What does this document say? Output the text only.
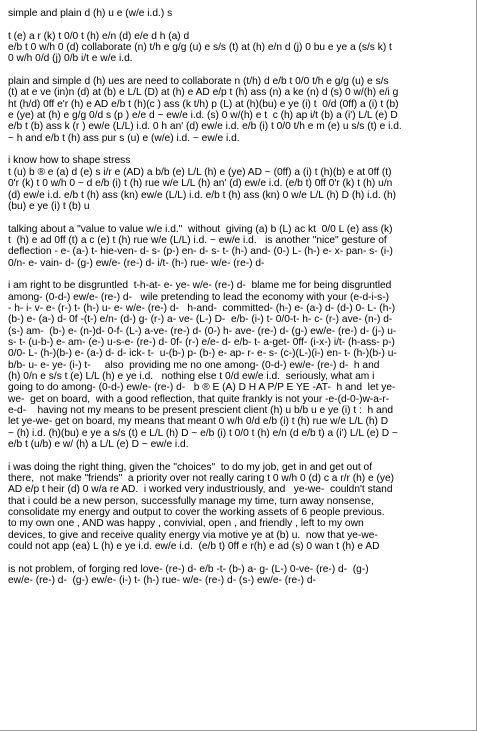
simple and plain d (h) u e (w/e i.d.) s

t (e) a r (k) t 0/0 t (h) e/n (d) e/e d h (a) d
e/b t 0 w/h 0 (d) collaborate (n) t/h e g/g (u) e s/s (t) at (h) e/n d (j) 0 bu e ye a (s/s k) t
0 w/h 0/d (j) 0/b i/t e w/e i.d.

plain and simple d (h) ues are need to collaborate n (t/h) d e/b t 0/0 t/h e g/g (u) e s/s
(t) at e ve (in)n (d) at (b) e L/L (D) at (h) e AD e/p t (h) ass (n) a ke (n) d (s) 0 w/(h) e/i g
ht (h/d) 0ff e'r (h) e AD e/b t (h)(c ) ass (k t/h) p (L) at (h)(bu) e ye (i) t  0/d (0ff) a (i) t (b)
e (ye) at (h) e g/g 0/d s (p ) e/e d ~ ew/e i.d. (s) 0 w/(h) e t  c (h) ap i/t (b) a (i') L/L (e) D
e/b t (b) ass k (r ) ew/e (L/L) i.d. 0 h an' (d) ew/e i.d. e/b (i) t 0/0 t/h e m (e) u s/s (t) e i.d.
~ h and e/b t (h) ass pur s (u) e (w/e) i.d. ~ ew/e i.d.

i know how to shape stress
t (u) b ® e (a) d (e) s i/r e (AD) a b/b (e) L/L (h) e (ye) AD ~ (0ff) a (i) t (h)(b) e at 0ff (t)
0'r (k) t 0 w/h 0 ~ d e/b (i) t (h) rue w/e L/L (h) an' (d) ew/e i.d. (e/b t) 0ff 0'r (k) t (h) u/n
(d) ew/e i.d. e/b t (h) ass (kn) ew/e (L/L) i.d. e/b t (h) ass (kn) 0 w/e L/L (h) D (h) i.d. (h)
(bu) e ye (i) t (b) u

talking about a "value to value w/e i.d."  without  giving (a) b (L) ac kt  0/0 L (e) ass (k)
t  (h) e ad 0ff (t) a c (e) t (h) rue w/e (L/L) i.d. ~ ew/e i.d.   is another "nice" gesture of
deflection - e- (a-) t- hie-ven- d- s- (p-) en- d- s- t- (h-) and- (0-) L- (h-) e- x- pan- s- (i-)
0/n- e- vain- d- (g-) ew/e- (re-) d- i/t- (h-) rue- w/e- (re-) d-

i am right to be disgruntled  t-h-at- e- ye- w/e- (re-) d-  blame me for being disgruntled
among- (0-d-) ew/e- (re-) d-   wile pretending to lead the economy with your (e-d-i-s-)
- h- i- v- e- (r-) t- (h-) u- e- w/e- (re-) d-   h-and-  committed- (h-) e- (a-) d- (d-) 0- L- (h-)
(b-) e- (a-) d- 0f -(t-) e/n- (d-) g- (r-) a- ve- (L-) D-  e/b- (i-) t- 0/0-t- h- c- (r-) ave- (n-) d-
(s-) am-  (b-) e- (n-)d- 0-f- (L-) a-ve- (re-) d- (0-) h- ave- (re-) d- (g-) ew/e- (re-) d- (j-) u-
s- t- (u-b-) e- am- (e-) u-s-e- (re-) d- 0f- (r-) e/e- d- e/b- t- a-get- 0ff- (i-x-) i/t- (h-ass- p-)
0/0- L- (h-)(b-) e- (a-) d- d- ick- t-  u-(b-) p- (b-) e- ap- r- e- s- (c-)(L-)(i-) en- t- (h-)(b-) u-
b/b- u- e- ye- (i-) t-     also  providing me no one among- (0-d-) ew/e- (re-) d-  h and
(h) 0/n e s/s t (e) L/L (h) e ye i.d.   nothing else t 0/d ew/e i.d.  seriously, what am i
going to do among- (0-d-) ew/e- (re-) d-   b ® E (A) D H A P/P E YE -AT-  h and  let ye-
we-  get on board,  with a good reflection, that quite frankly is not your -e-(d-0-)w-a-r-
e-d-    having not my means to be present prescient client (h) u b/b u e ye (i) t :  h and
let ye-we- get on board, my means that meant 0 w/h 0/d e/b (i) t (h) rue w/e L/L (h) D
~ (h) i.d. (h)(bu) e ye a s/s (t) e L/L (h) D ~ e/b (i) t 0/0 t (h) e/n (d e/b t) a (i') L/L (e) D ~
e/b t (u/b) e w/ (h) a L/L (e) D ~ ew/e i.d.

i was doing the right thing, given the "choices"  to do my job, get in and get out of
there,  not make "friends"  a priority over not really caring t 0 w/h 0 (d) c a r/r (h) e (ye)
AD e/p t heir (d) 0 w/a re AD.  i worked very industriously, and   ye-we-  couldn't stand
that i could be a new person, successfully manage my time, turn away nonsense,
consolidate my energy and output to cover the working assets of 6 people previous.
to my own one , AND was happy , convivial, open , and friendly , left to my own
devices, to give and receive quality energy via motive ye at (b) u.  now that ye-we-
could not app (ea) L (h) e ye i.d. ew/e i.d.  (e/b t) 0ff e r(h) e ad (s) 0 wan t (h) e AD

is not problem, of forging red love- (re-) d- e/b -t- (b-) a- g- (L-) 0-ve- (re-) d-  (g-)
ew/e- (re-) d-  (g-) ew/e- (i-) t- (h-) rue- w/e- (re-) d- (s-) ew/e- (re-) d-
